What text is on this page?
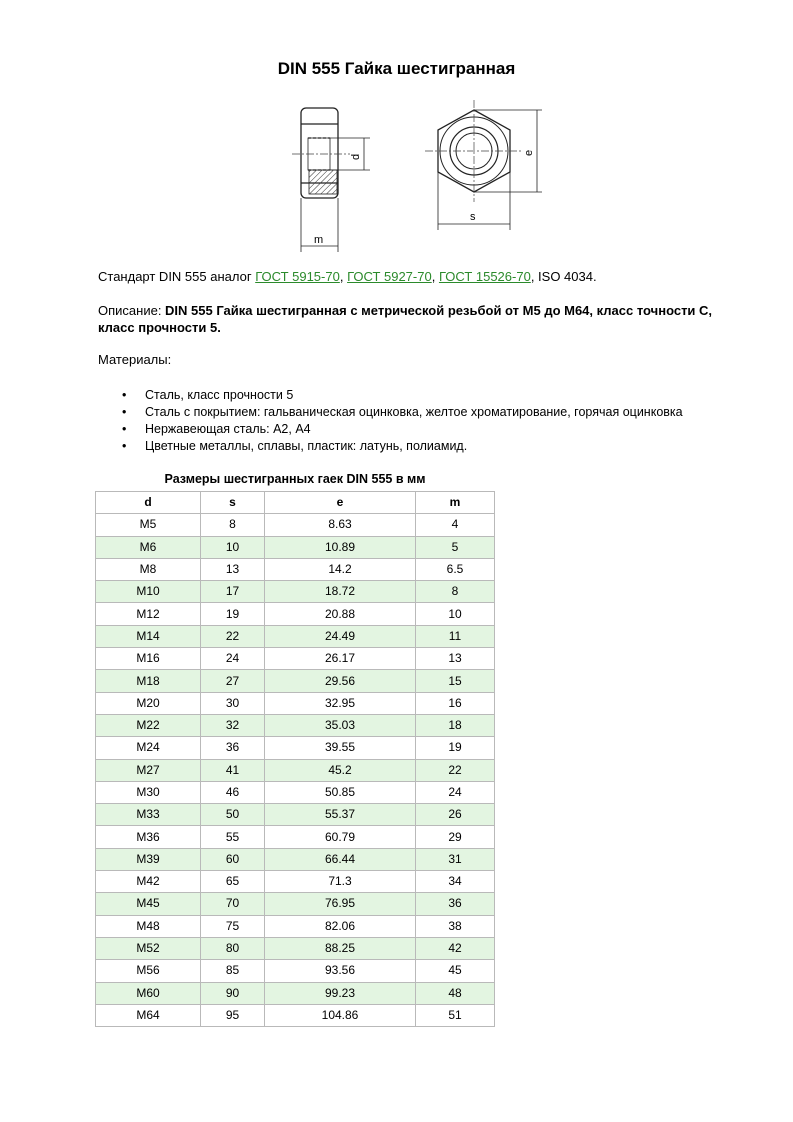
DIN 555 Гайка шестигранная
d
m
e
s
Стандарт DIN 555 аналог ГОСТ 5915-70, ГОСТ 5927-70, ГОСТ 15526-70, ISO 4034.
Описание: DIN 555 Гайка шестигранная с метрической резьбой от М5 до М64, класс точности C, класс прочности 5.
Материалы:
• Сталь, класс прочности 5
• Сталь с покрытием: гальваническая оцинковка, желтое хроматирование, горячая оцинковка
• Нержавеющая сталь: А2, А4
• Цветные металлы, сплавы, пластик: латунь, полиамид.
Размеры шестигранных гаек DIN 555 в мм
d	s	e	m
M5	8	8.63	4
M6	10	10.89	5
M8	13	14.2	6.5
M10	17	18.72	8
M12	19	20.88	10
M14	22	24.49	11
M16	24	26.17	13
M18	27	29.56	15
M20	30	32.95	16
M22	32	35.03	18
M24	36	39.55	19
M27	41	45.2	22
M30	46	50.85	24
M33	50	55.37	26
M36	55	60.79	29
M39	60	66.44	31
M42	65	71.3	34
M45	70	76.95	36
M48	75	82.06	38
M52	80	88.25	42
M56	85	93.56	45
M60	90	99.23	48
M64	95	104.86	51
